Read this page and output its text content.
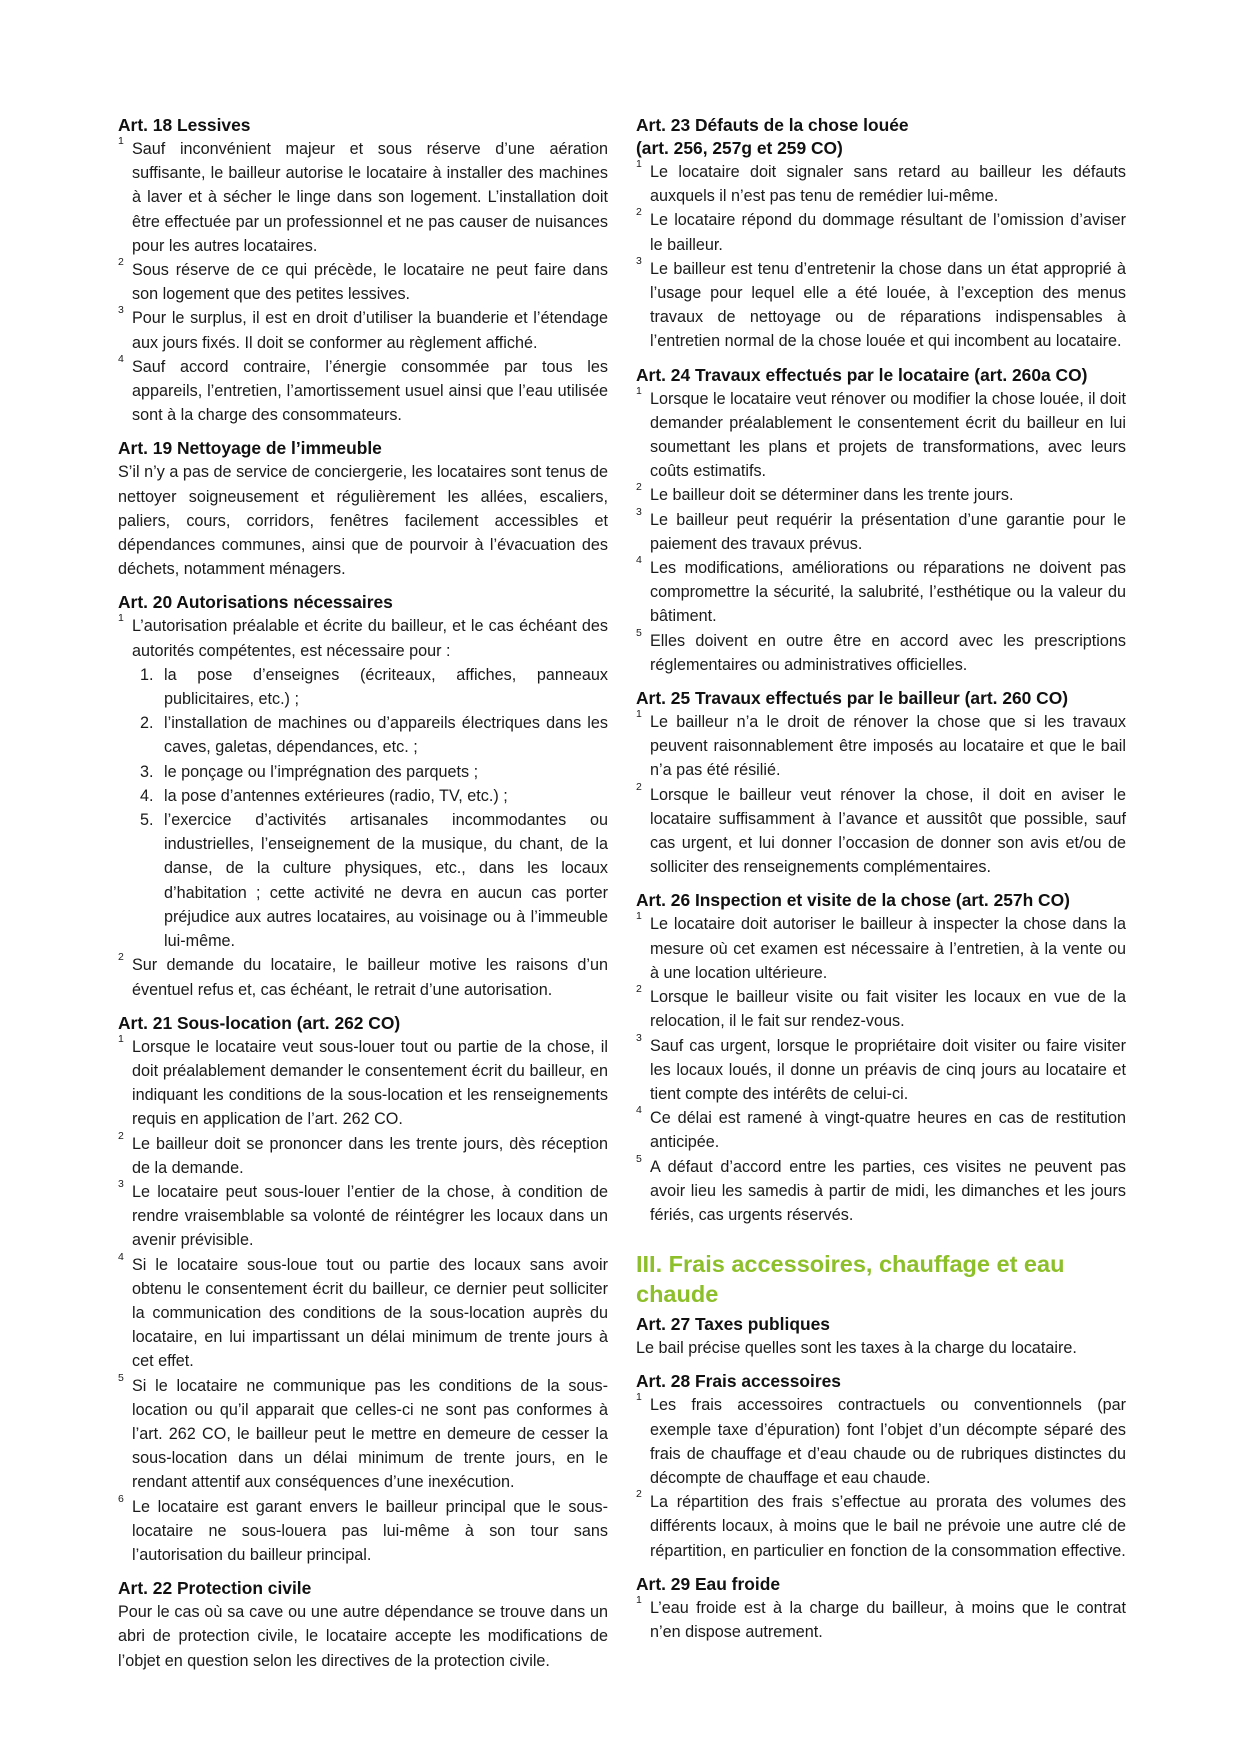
Art. 18 Lessives

1 Sauf inconvénient majeur et sous réserve d’une aération suffisante, le bailleur autorise le locataire à installer des machines à laver et à sécher le linge dans son logement. L’installation doit être effectuée par un professionnel et ne pas causer de nuisances pour les autres locataires.

2 Sous réserve de ce qui précède, le locataire ne peut faire dans son logement que des petites lessives.

3 Pour le surplus, il est en droit d’utiliser la buanderie et l’étendage aux jours fixés. Il doit se conformer au règlement affiché.

4 Sauf accord contraire, l’énergie consommée par tous les appareils, l’entretien, l’amortissement usuel ainsi que l’eau utilisée sont à la charge des consommateurs.

Art. 19 Nettoyage de l’immeuble

S’il n’y a pas de service de conciergerie, les locataires sont tenus de nettoyer soigneusement et régulièrement les allées, escaliers, paliers, cours, corridors, fenêtres facilement accessibles et dépendances communes, ainsi que de pourvoir à l’évacuation des déchets, notamment ménagers.

Art. 20 Autorisations nécessaires

1 L’autorisation préalable et écrite du bailleur, et le cas échéant des autorités compétentes, est nécessaire pour :

1. la pose d’enseignes (écriteaux, affiches, panneaux publicitaires, etc.) ;
2. l’installation de machines ou d’appareils électriques dans les caves, galetas, dépendances, etc. ;
3. le ponçage ou l’imprégnation des parquets ;
4. la pose d’antennes extérieures (radio, TV, etc.) ;
5. l’exercice d’activités artisanales incommodantes ou industrielles, l’enseignement de la musique, du chant, de la danse, de la culture physiques, etc., dans les locaux d’habitation ; cette activité ne devra en aucun cas porter préjudice aux autres locataires, au voisinage ou à l’immeuble lui-même.

2 Sur demande du locataire, le bailleur motive les raisons d’un éventuel refus et, cas échéant, le retrait d’une autorisation.

Art. 21 Sous-location (art. 262 CO)

1 Lorsque le locataire veut sous-louer tout ou partie de la chose, il doit préalablement demander le consentement écrit du bailleur, en indiquant les conditions de la sous-location et les renseignements requis en application de l’art. 262 CO.

2 Le bailleur doit se prononcer dans les trente jours, dès réception de la demande.

3 Le locataire peut sous-louer l’entier de la chose, à condition de rendre vraisemblable sa volonté de réintégrer les locaux dans un avenir prévisible.

4 Si le locataire sous-loue tout ou partie des locaux sans avoir obtenu le consentement écrit du bailleur, ce dernier peut solliciter la communication des conditions de la sous-location auprès du locataire, en lui impartissant un délai minimum de trente jours à cet effet.

5 Si le locataire ne communique pas les conditions de la sous-location ou qu’il apparait que celles-ci ne sont pas conformes à l’art. 262 CO, le bailleur peut le mettre en demeure de cesser la sous-location dans un délai minimum de trente jours, en le rendant attentif aux conséquences d’une inexécution.

6 Le locataire est garant envers le bailleur principal que le sous-locataire ne sous-louera pas lui-même à son tour sans l’autorisation du bailleur principal.

Art. 22 Protection civile

Pour le cas où sa cave ou une autre dépendance se trouve dans un abri de protection civile, le locataire accepte les modifications de l’objet en question selon les directives de la protection civile.

Art. 23 Défauts de la chose louée
(art. 256, 257g et 259 CO)

1 Le locataire doit signaler sans retard au bailleur les défauts auxquels il n’est pas tenu de remédier lui-même.

2 Le locataire répond du dommage résultant de l’omission d’aviser le bailleur.

3 Le bailleur est tenu d’entretenir la chose dans un état approprié à l’usage pour lequel elle a été louée, à l’exception des menus travaux de nettoyage ou de réparations indispensables à l’entretien normal de la chose louée et qui incombent au locataire.

Art. 24 Travaux effectués par le locataire (art. 260a CO)

1 Lorsque le locataire veut rénover ou modifier la chose louée, il doit demander préalablement le consentement écrit du bailleur en lui soumettant les plans et projets de transformations, avec leurs coûts estimatifs.

2 Le bailleur doit se déterminer dans les trente jours.

3 Le bailleur peut requérir la présentation d’une garantie pour le paiement des travaux prévus.

4 Les modifications, améliorations ou réparations ne doivent pas compromettre la sécurité, la salubrité, l’esthétique ou la valeur du bâtiment.

5 Elles doivent en outre être en accord avec les prescriptions réglementaires ou administratives officielles.

Art. 25 Travaux effectués par le bailleur (art. 260 CO)

1 Le bailleur n’a le droit de rénover la chose que si les travaux peuvent raisonnablement être imposés au locataire et que le bail n’a pas été résilié.

2 Lorsque le bailleur veut rénover la chose, il doit en aviser le locataire suffisamment à l’avance et aussitôt que possible, sauf cas urgent, et lui donner l’occasion de donner son avis et/ou de solliciter des renseignements complémentaires.

Art. 26 Inspection et visite de la chose (art. 257h CO)

1 Le locataire doit autoriser le bailleur à inspecter la chose dans la mesure où cet examen est nécessaire à l’entretien, à la vente ou à une location ultérieure.

2 Lorsque le bailleur visite ou fait visiter les locaux en vue de la relocation, il le fait sur rendez-vous.

3 Sauf cas urgent, lorsque le propriétaire doit visiter ou faire visiter les locaux loués, il donne un préavis de cinq jours au locataire et tient compte des intérêts de celui-ci.

4 Ce délai est ramené à vingt-quatre heures en cas de restitution anticipée.

5 A défaut d’accord entre les parties, ces visites ne peuvent pas avoir lieu les samedis à partir de midi, les dimanches et les jours fériés, cas urgents réservés.

III. Frais accessoires, chauffage et eau chaude
Art. 27 Taxes publiques

Le bail précise quelles sont les taxes à la charge du locataire.

Art. 28 Frais accessoires

1 Les frais accessoires contractuels ou conventionnels (par exemple taxe d’épuration) font l’objet d’un décompte séparé des frais de chauffage et d’eau chaude ou de rubriques distinctes du décompte de chauffage et eau chaude.

2 La répartition des frais s’effectue au prorata des volumes des différents locaux, à moins que le bail ne prévoie une autre clé de répartition, en particulier en fonction de la consommation effective.

Art. 29 Eau froide

1 L’eau froide est à la charge du bailleur, à moins que le contrat n’en dispose autrement.
